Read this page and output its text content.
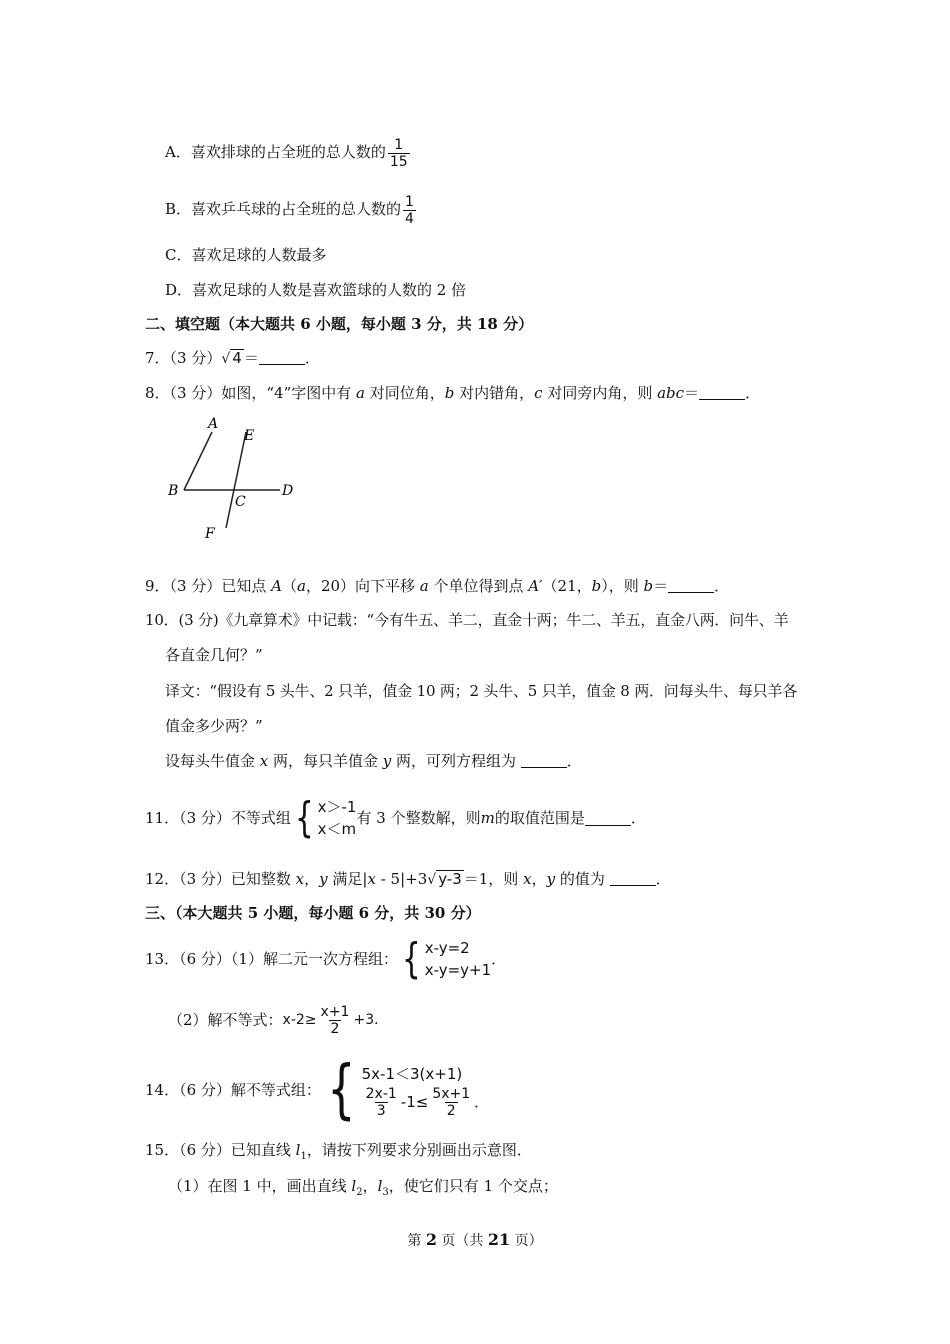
A．喜欢排球的占全班的总人数的 $\frac{1}{15}$
B．喜欢乒乓球的占全班的总人数的 $\frac{1}{4}$
C．喜欢足球的人数最多
D．喜欢足球的人数是喜欢篮球的人数的 2 倍
二、填空题（本大题共 6 小题，每小题 3 分，共 18 分）
7．（3 分）√ 4 ＝	．
8．（3 分）如图，“4”字图中有 a 对同位角，b 对内错角，c 对同旁内角，则 abc＝	．
A
E
B	D
C
F
9．（3 分）已知点 A（a，20）向下平移 a 个单位得到点 A′（21，b），则 b＝	．
10．(3 分)《九章算术》中记载：“今有牛五、羊二，直金十两；牛二、羊五，直金八两．问牛、羊
各直金几何？”
译文：“假设有 5 头牛、2 只羊，值金 10 两；2 头牛、5 只羊，值金 8 两．问每头牛、每只羊各
值金多少两？”
设每头牛值金 x 两，每只羊值金 y 两，可列方程组为	．
11．（3 分）不等式组 { x＞-1
x＜m
有 3 个整数解，则 m 的取值范围是	．
12．（3 分）已知整数 x，y 满足|x - 5|+3√ y-3 ＝1，则 x，y 的值为	．
三、（本大题共 5 小题，每小题 6 分，共 30 分）
13．（6 分）（1）解二元一次方程组： { x-y=2
x-y=y+1
．
（2）解不等式： $x-2\ge \frac{x+1}{2} +3$．
14．（6 分）解不等式组： { 5x-1＜3(x+1)
$\frac{2x-1}{3} -1\le \frac{5x+1}{2}$ ．
15．（6 分）已知直线 $l_1$，请按下列要求分别画出示意图．
（1）在图 1 中，画出直线 $l_2$，$l_3$，使它们只有 1 个交点；
第 2 页（共 21 页）
